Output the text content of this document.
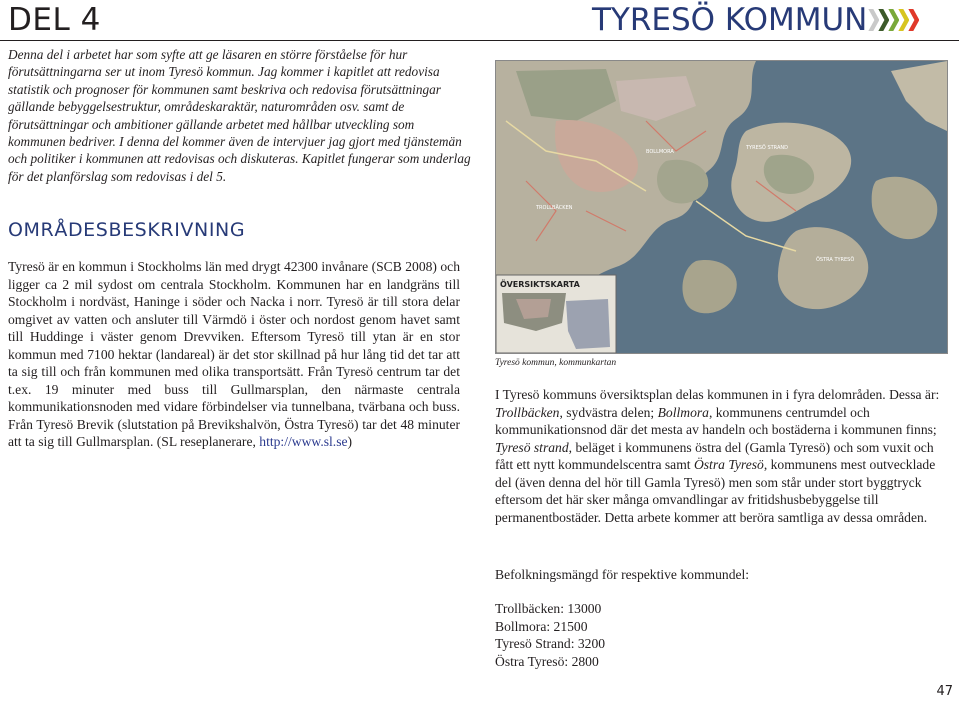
DEL 4	TYRESÖ KOMMUN

Denna del i arbetet har som syfte att ge läsaren en större förståelse för hur förutsättningarna ser ut inom Tyresö kommun. Jag kommer i kapitlet att redovisa statistik och prognoser för kommunen samt beskriva och redovisa förutsättningar gällande bebyggelsestruktur, områdeskaraktär, naturområden osv. samt de förutsättningar och ambitioner gällande arbetet med hållbar utveckling som kommunen bedriver. I denna del kommer även de intervjuer jag gjort med tjänstemän och politiker i kommunen att redovisas och diskuteras. Kapitlet fungerar som underlag för det planförslag som redovisas i del 5.

OMRÅDESBESKRIVNING

Tyresö är en kommun i Stockholms län med drygt 42300 invånare (SCB 2008) och ligger ca 2 mil sydost om centrala Stockholm. Kommunen har en landgräns till Stockholm i nordväst, Haninge i söder och Nacka i norr. Tyresö är till stora delar omgivet av vatten och ansluter till Värmdö i öster och nordost genom havet samt till Huddinge i väster genom Drevviken. Eftersom Tyresö till ytan är en stor kommun med 7100 hektar (landareal) är det stor skillnad på hur lång tid det tar att ta sig till och från kommunen med olika transportsätt. Från Tyresö centrum tar det t.ex. 19 minuter med buss till Gullmarsplan, den närmaste centrala kommunikationsnoden med vidare förbindelser via tunnelbana, tvärbana och buss. Från Tyresö Brevik (slutstation på Brevikshalvön, Östra Tyresö) tar det 48 minuter att ta sig till Gullmarsplan. (SL reseplanerare, http://www.sl.se)

ÖVERSIKTSKARTA
TROLLBÄCKEN
BOLLMORA
TYRESÖ STRAND
ÖSTRA TYRESÖ

Tyresö kommun, kommunkartan

I Tyresö kommuns översiktsplan delas kommunen in i fyra delområden. Dessa är: Trollbäcken, sydvästra delen; Bollmora, kommunens centrumdel och kommunikationsnod där det mesta av handeln och bostäderna i kommunen finns; Tyresö strand, beläget i kommunens östra del (Gamla Tyresö) och som vuxit och fått ett nytt kommundelscentra samt Östra Tyresö, kommunens mest outvecklade del (även denna del hör till Gamla Tyresö) men som står under stort byggtryck eftersom det här sker många omvandlingar av fritidshusbebyggelse till permanentbostäder. Detta arbete kommer att beröra samtliga av dessa områden.

Befolkningsmängd för respektive kommundel:

Trollbäcken: 13000
Bollmora: 21500
Tyresö Strand: 3200
Östra Tyresö: 2800

47
